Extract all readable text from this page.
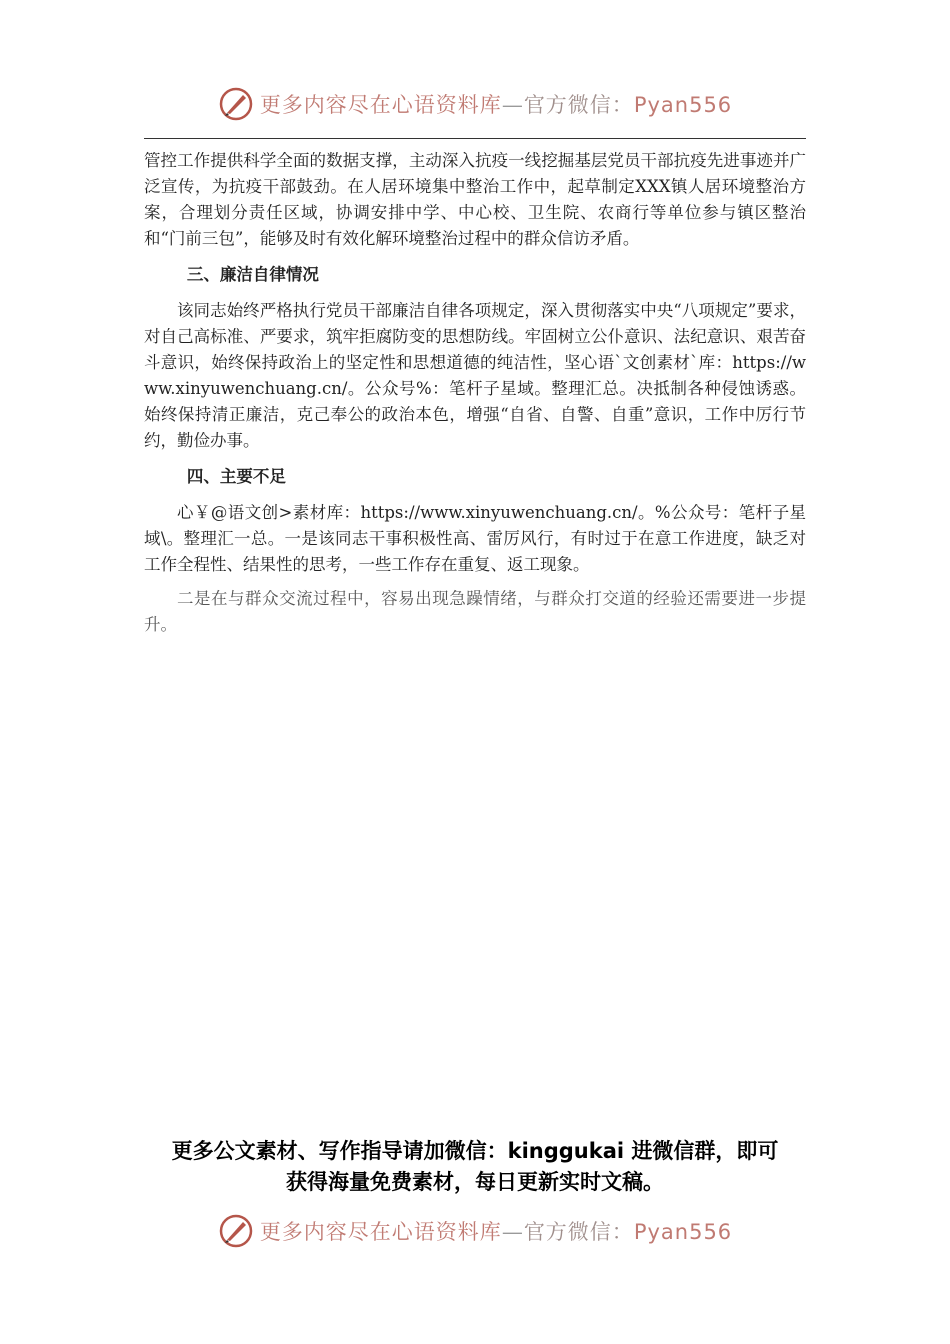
更多内容尽在心语资料库—官方微信：Pyan556

管控工作提供科学全面的数据支撑，主动深入抗疫一线挖掘基层党员干部抗疫先进事迹并广泛宣传，为抗疫干部鼓劲。在人居环境集中整治工作中，起草制定XXX镇人居环境整治方案，合理划分责任区域，协调安排中学、中心校、卫生院、农商行等单位参与镇区整治和“门前三包”，能够及时有效化解环境整治过程中的群众信访矛盾。

三、廉洁自律情况

该同志始终严格执行党员干部廉洁自律各项规定，深入贯彻落实中央“八项规定”要求，对自己高标准、严要求，筑牢拒腐防变的思想防线。牢固树立公仆意识、法纪意识、艰苦奋斗意识，始终保持政治上的坚定性和思想道德的纯洁性，坚心语`文创素材`库：https://www.xinyuwenchuang.cn/。公众号%：笔杆子星域。整理汇总。决抵制各种侵蚀诱惑。始终保持清正廉洁，克己奉公的政治本色，增强“自省、自警、自重”意识，工作中厉行节约，勤俭办事。

四、主要不足

心￥@语文创>素材库：https://www.xinyuwenchuang.cn/。%公众号：笔杆子星域\。整理汇一总。一是该同志干事积极性高、雷厉风行，有时过于在意工作进度，缺乏对工作全程性、结果性的思考，一些工作存在重复、返工现象。

二是在与群众交流过程中，容易出现急躁情绪，与群众打交道的经验还需要进一步提升。

更多公文素材、写作指导请加微信：kinggukai 进微信群，即可
获得海量免费素材，每日更新实时文稿。
更多内容尽在心语资料库—官方微信：Pyan556
